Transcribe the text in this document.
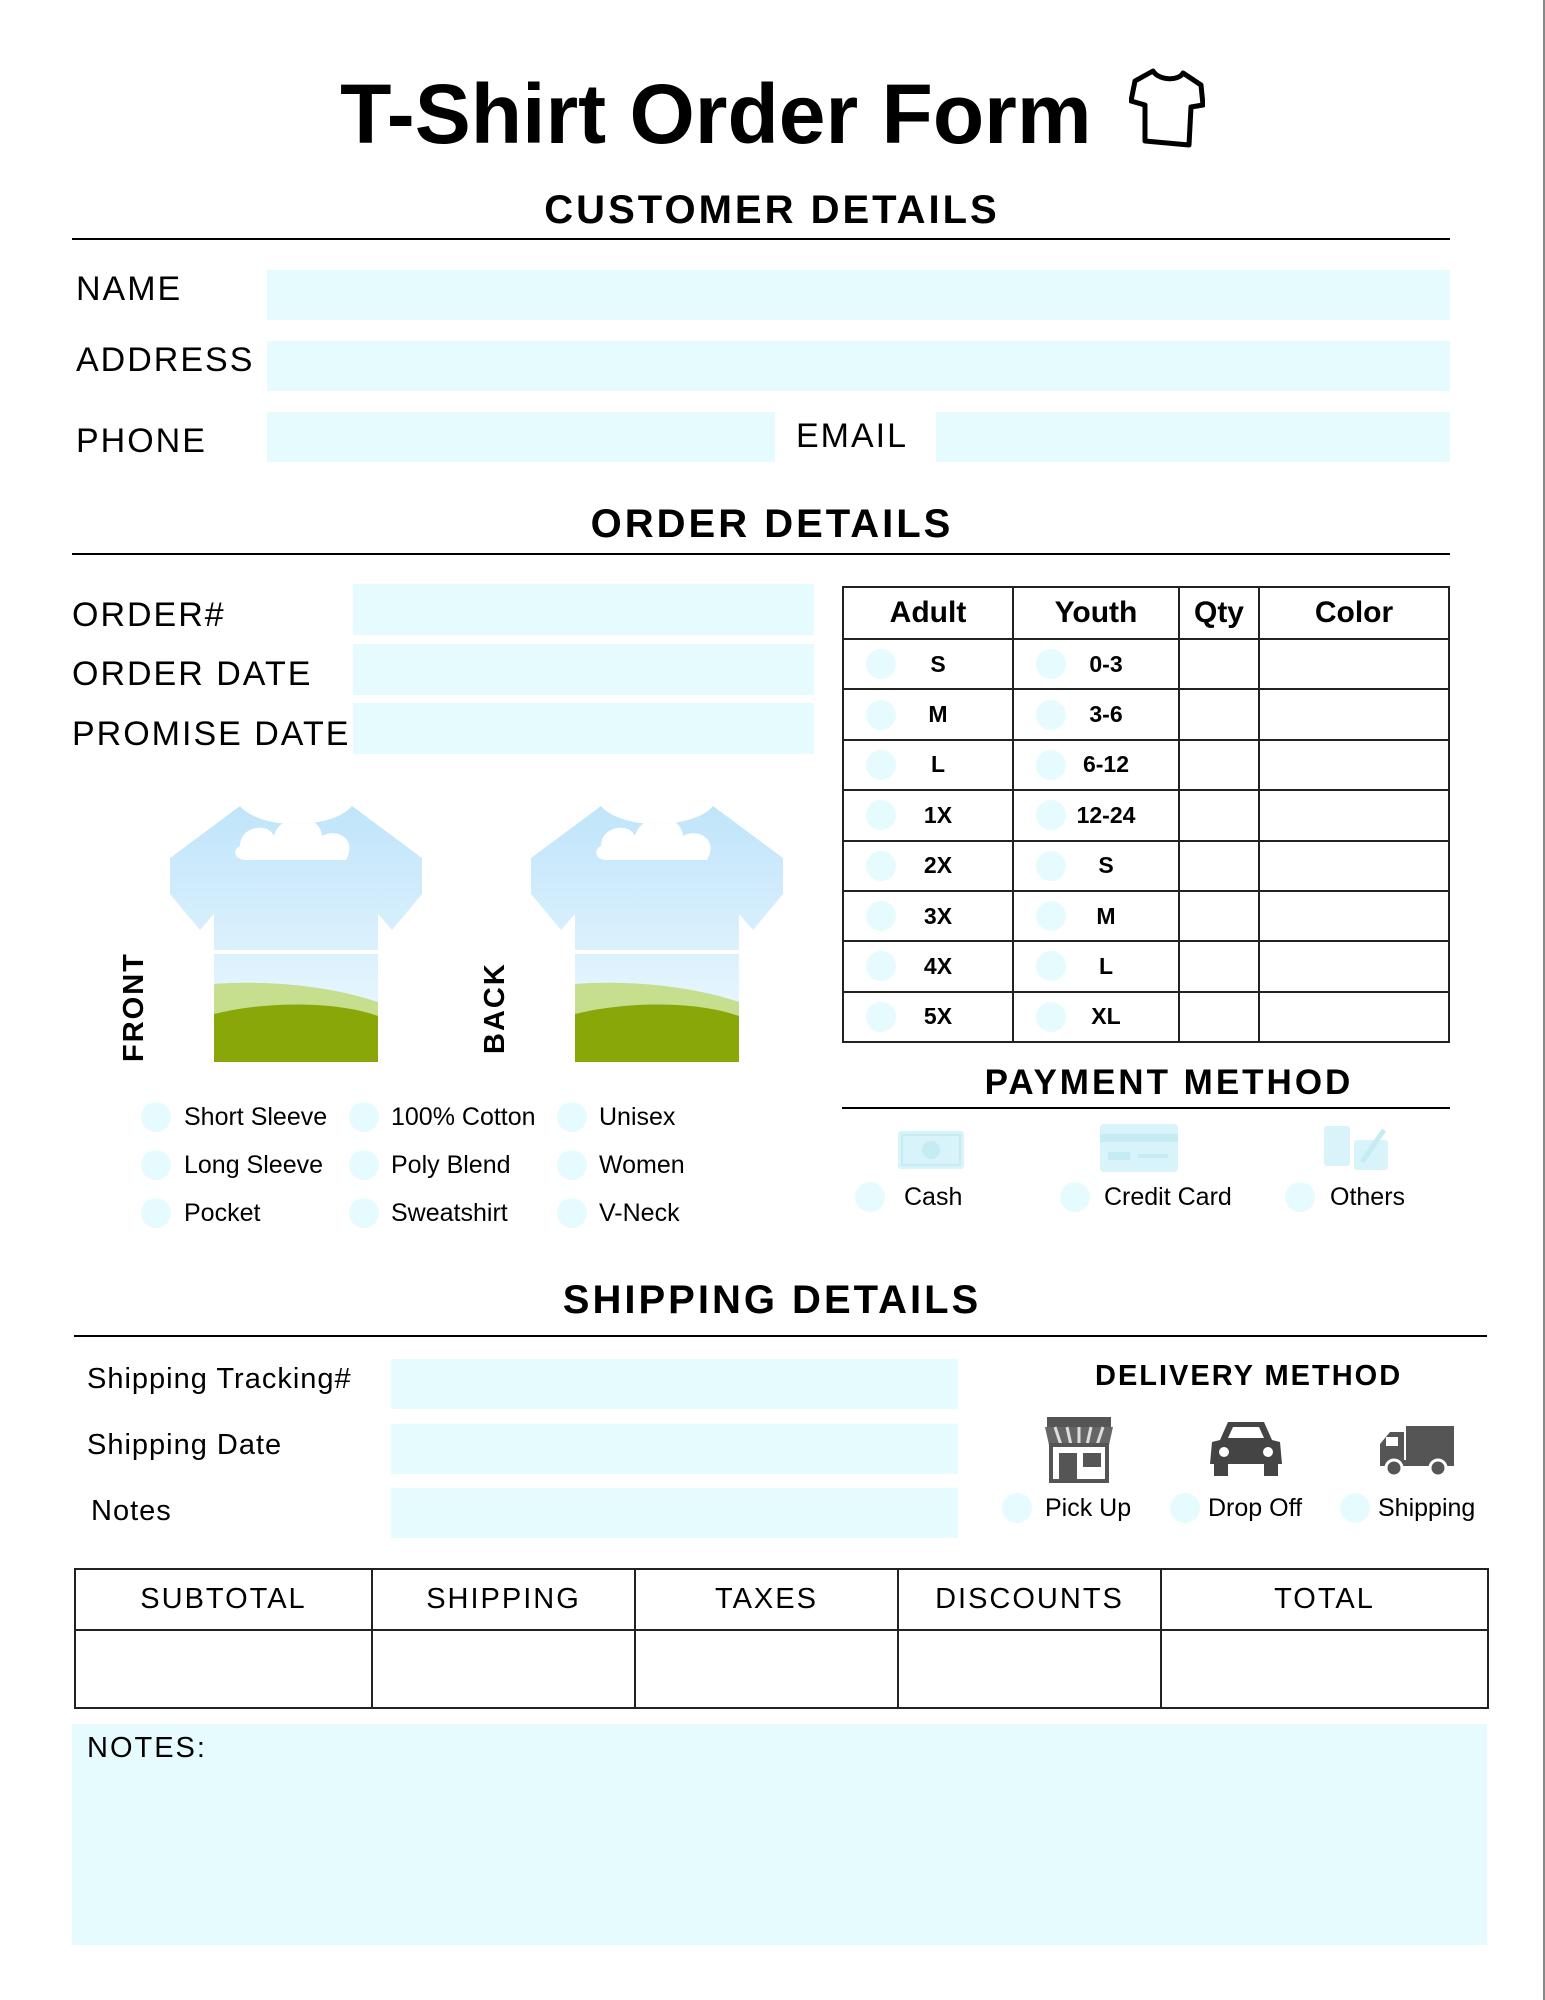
T-Shirt Order Form
CUSTOMER DETAILS
NAME
ADDRESS
PHONE	EMAIL
ORDER DETAILS
ORDER#
ORDER DATE
PROMISE DATE
FRONT	BACK
Short Sleeve	100% Cotton	Unisex
Long Sleeve	Poly Blend	Women
Pocket	Sweatshirt	V-Neck
Adult	Youth	Qty	Color

S	0-3		

M	3-6		

L	6-12		

1X	12-24		

2X	S		

3X	M		

4X	L		

5X	XL		
PAYMENT METHOD
Cash	Credit Card	Others
SHIPPING DETAILS
Shipping Tracking#
Shipping Date
Notes
DELIVERY METHOD
Pick Up	Drop Off	Shipping
SUBTOTAL	SHIPPING	TAXES	DISCOUNTS	TOTAL

NOTES:
